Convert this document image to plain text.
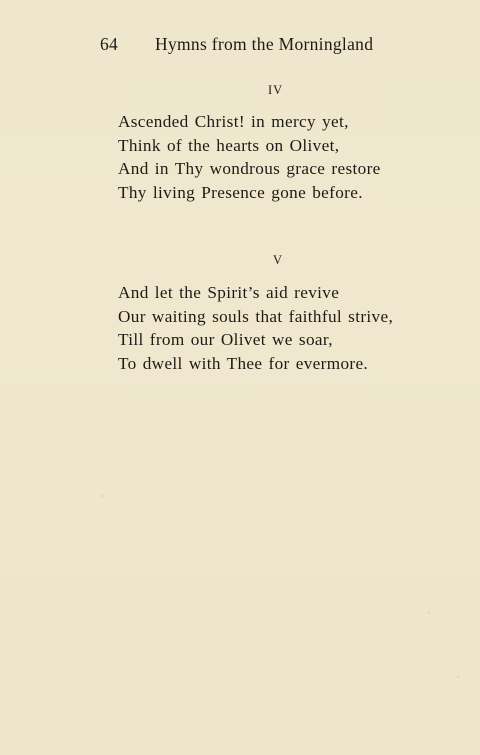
64 Hymns from the Morningland
IV
Ascended Christ! in mercy yet,
Think of the hearts on Olivet,
And in Thy wondrous grace restore
Thy living Presence gone before.
V
And let the Spirit’s aid revive
Our waiting souls that faithful strive,
Till from our Olivet we soar,
To dwell with Thee for evermore.
